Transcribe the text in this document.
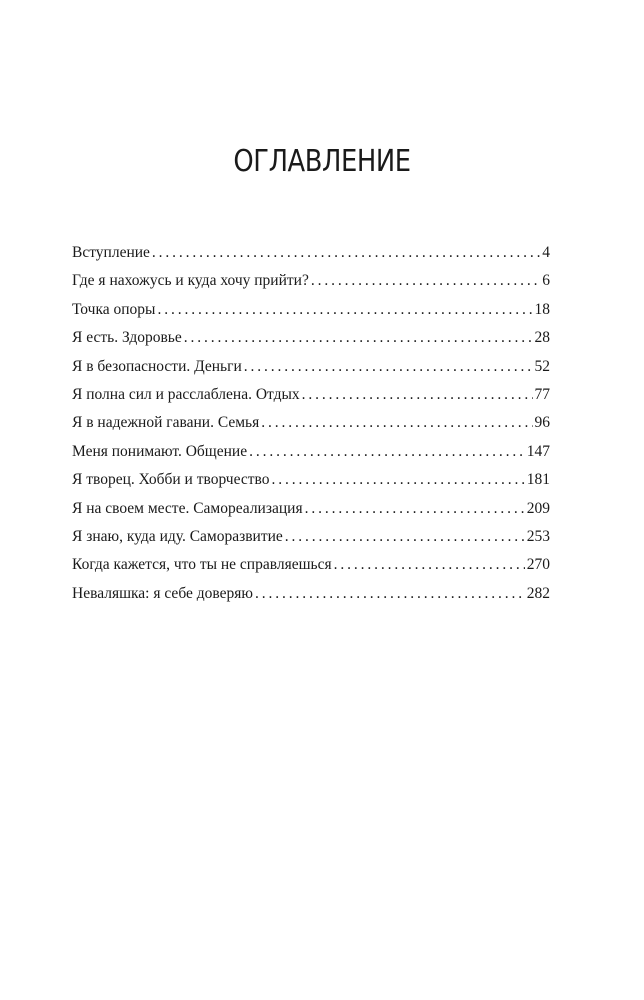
ОГЛАВЛЕНИЕ
Вступление . . .	4
Где я нахожусь и куда хочу прийти? . . .	6
Точка опоры . . .	18
Я есть. Здоровье . . .	28
Я в безопасности. Деньги . . .	52
Я полна сил и расслаблена. Отдых . . .	77
Я в надежной гавани. Семья . . .	96
Меня понимают. Общение . . .	147
Я творец. Хобби и творчество . . .	181
Я на своем месте. Самореализация . . .	209
Я знаю, куда иду. Саморазвитие . . .	253
Когда кажется, что ты не справляешься . . .	270
Неваляшка: я себе доверяю . . .	282
